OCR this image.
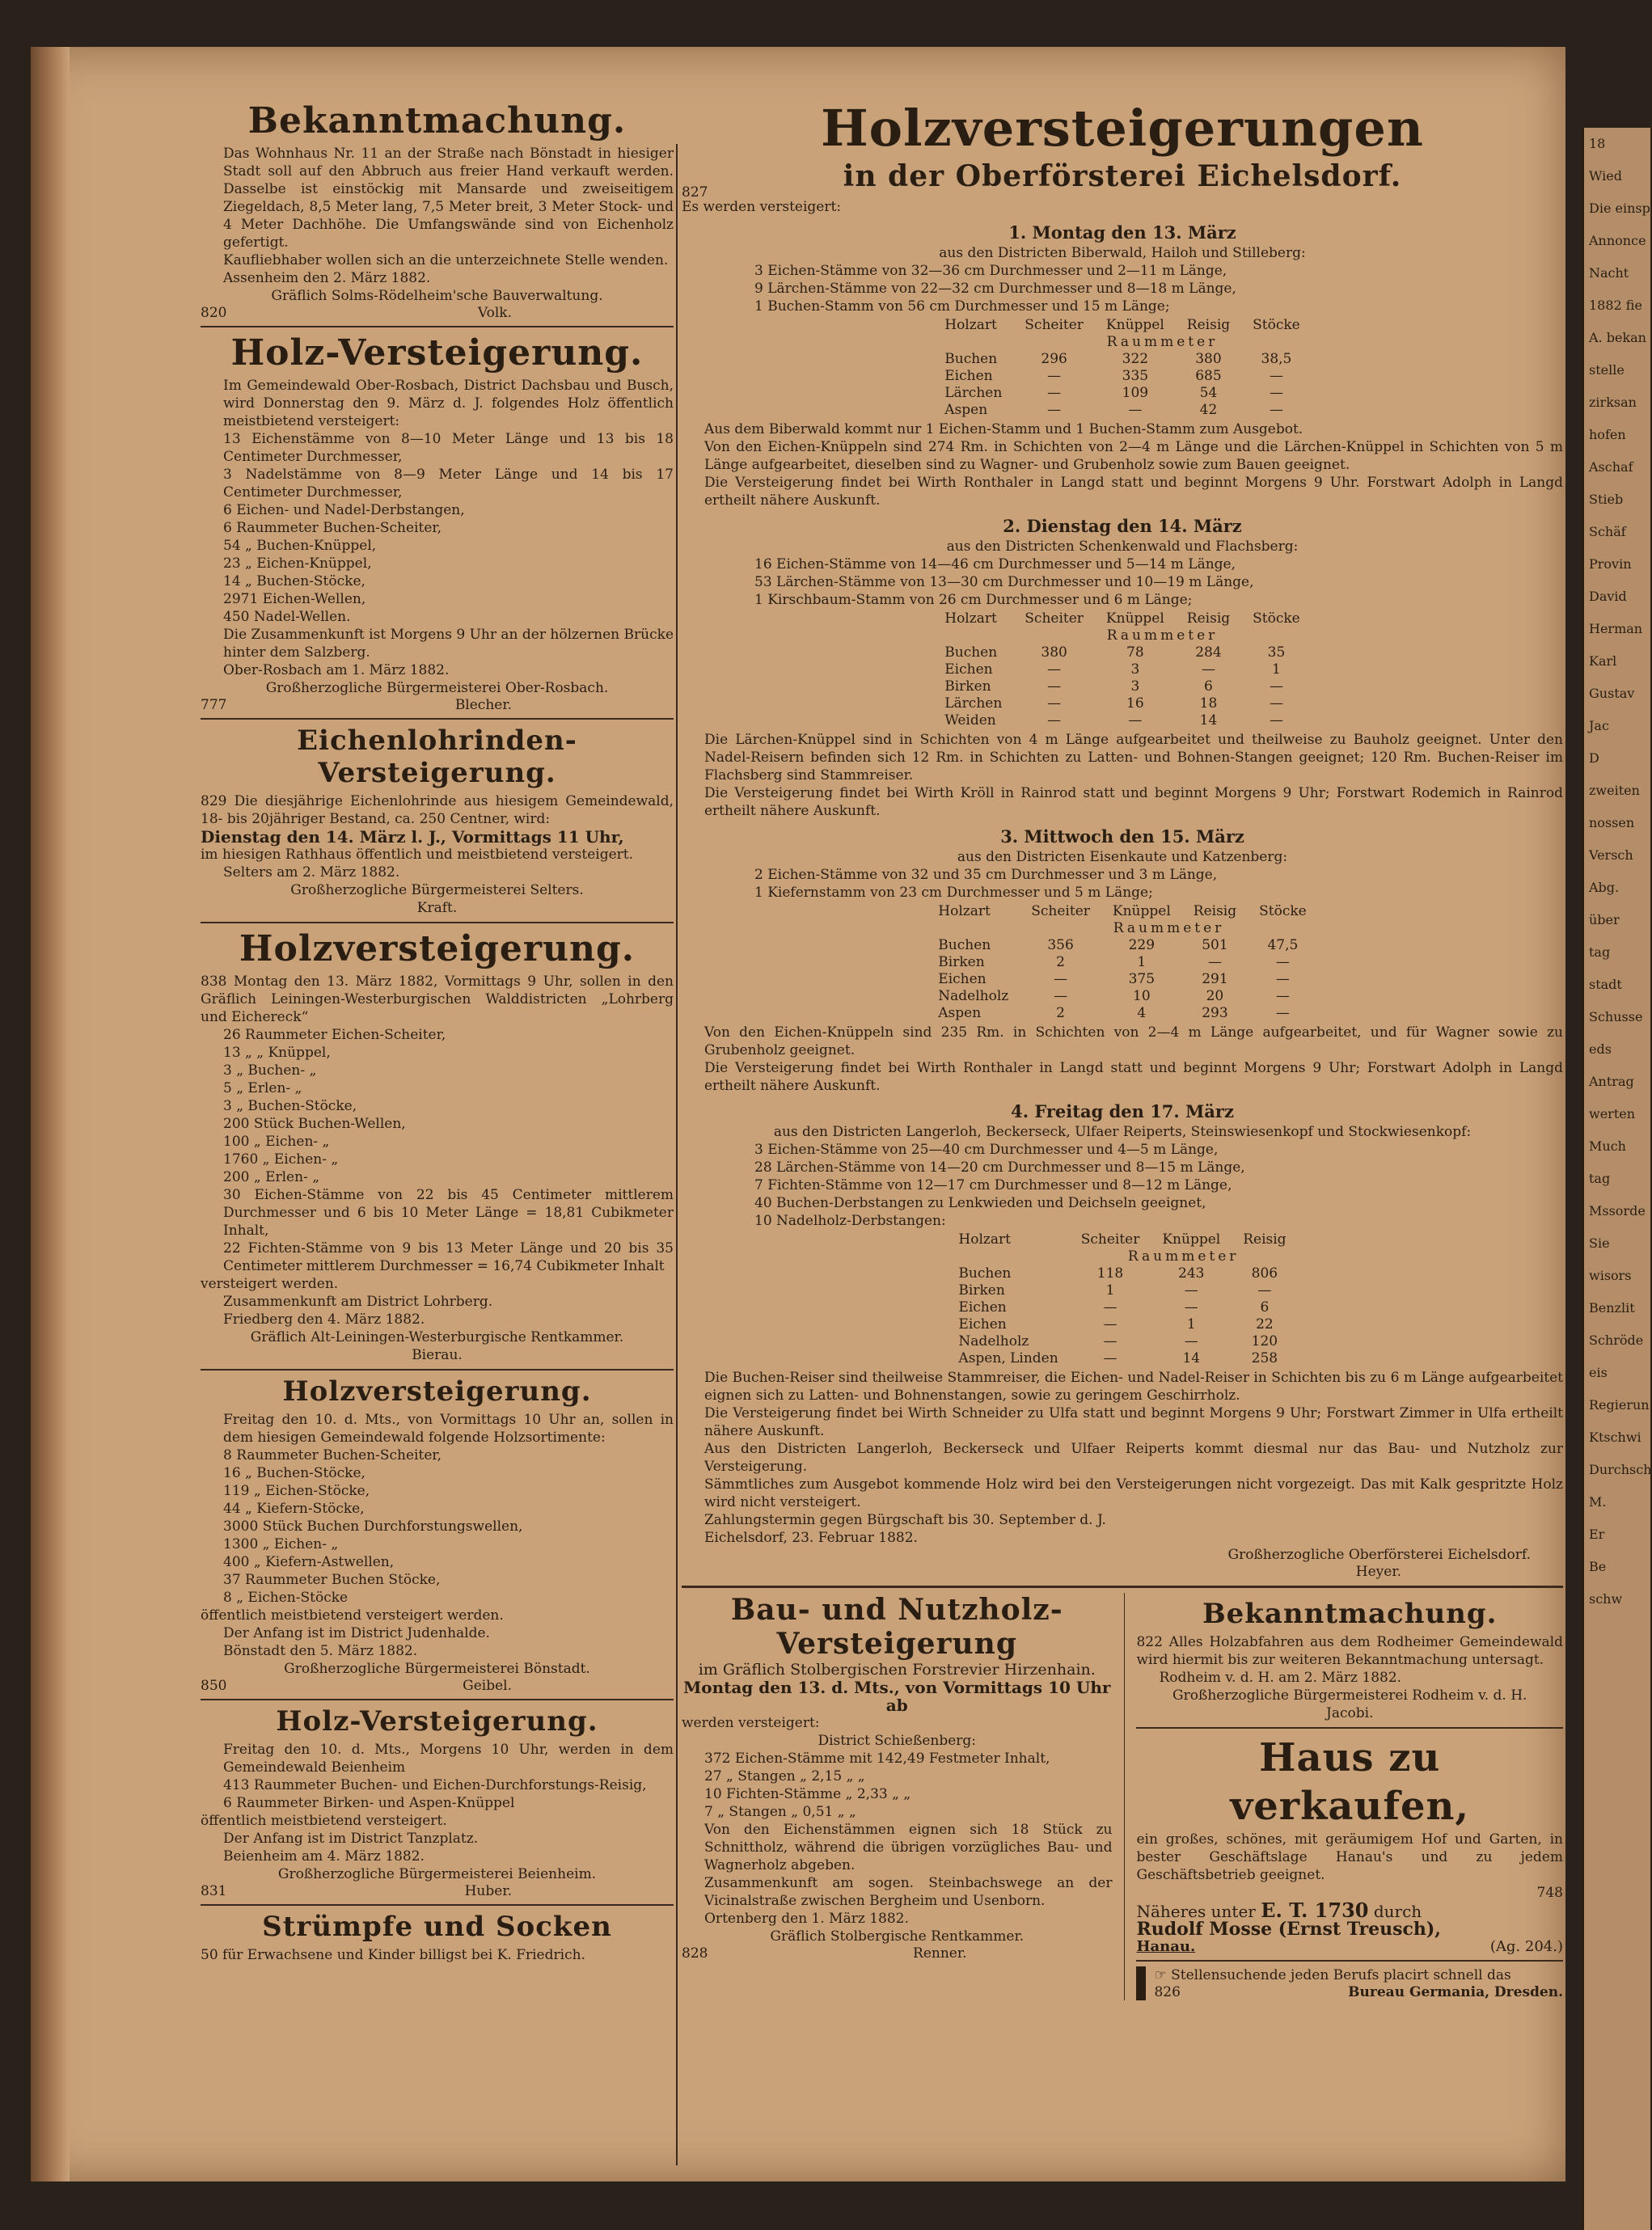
Bekanntmachung.

Das Wohnhaus Nr. 11 an der Straße nach Bönstadt in hiesiger Stadt soll auf den Abbruch aus freier Hand verkauft werden. Dasselbe ist einstöckig mit Mansarde und zweiseitigem Ziegeldach, 8,5 Meter lang, 7,5 Meter breit, 3 Meter Stock- und 4 Meter Dachhöhe. Die Umfangswände sind von Eichenholz gefertigt.

Kaufliebhaber wollen sich an die unterzeichnete Stelle wenden.

Assenheim den 2. März 1882.

Gräflich Solms-Rödelheim'sche Bauverwaltung.

820	Volk.
Holz-Versteigerung.

Im Gemeindewald Ober-Rosbach, District Dachsbau und Busch, wird Donnerstag den 9. März d. J. folgendes Holz öffentlich meistbietend versteigert:

13 Eichenstämme von 8—10 Meter Länge und 13 bis 18 Centimeter Durchmesser,

3 Nadelstämme von 8—9 Meter Länge und 14 bis 17 Centimeter Durchmesser,

6 Eichen- und Nadel-Derbstangen,

6 Raummeter Buchen-Scheiter,

54 „ Buchen-Knüppel,

23 „ Eichen-Knüppel,

14 „ Buchen-Stöcke,

2971 Eichen-Wellen,

450 Nadel-Wellen.

Die Zusammenkunft ist Morgens 9 Uhr an der hölzernen Brücke hinter dem Salzberg.

Ober-Rosbach am 1. März 1882.

Großherzogliche Bürgermeisterei Ober-Rosbach.

777	Blecher.
Eichenlohrinden-Versteigerung.

829 Die diesjährige Eichenlohrinde aus hiesigem Gemeindewald, 18- bis 20jähriger Bestand, ca. 250 Centner, wird:

Dienstag den 14. März l. J., Vormittags 11 Uhr,

im hiesigen Rathhaus öffentlich und meistbietend versteigert.

Selters am 2. März 1882.

Großherzogliche Bürgermeisterei Selters.

Kraft.

Holzversteigerung.

838 Montag den 13. März 1882, Vormittags 9 Uhr, sollen in den Gräflich Leiningen-Westerburgischen Walddistricten „Lohrberg und Eichereck“

26 Raummeter Eichen-Scheiter,

13 „ „ Knüppel,

3 „ Buchen- „

5 „ Erlen- „

3 „ Buchen-Stöcke,

200 Stück Buchen-Wellen,

100 „ Eichen- „

1760 „ Eichen- „

200 „ Erlen- „

30 Eichen-Stämme von 22 bis 45 Centimeter mittlerem Durchmesser und 6 bis 10 Meter Länge = 18,81 Cubikmeter Inhalt,

22 Fichten-Stämme von 9 bis 13 Meter Länge und 20 bis 35 Centimeter mittlerem Durchmesser = 16,74 Cubikmeter Inhalt

versteigert werden.

Zusammenkunft am District Lohrberg.

Friedberg den 4. März 1882.

Gräflich Alt-Leiningen-Westerburgische Rentkammer.

Bierau.

Holzversteigerung.

Freitag den 10. d. Mts., von Vormittags 10 Uhr an, sollen in dem hiesigen Gemeindewald folgende Holzsortimente:

8 Raummeter Buchen-Scheiter,

16 „ Buchen-Stöcke,

119 „ Eichen-Stöcke,

44 „ Kiefern-Stöcke,

3000 Stück Buchen Durchforstungswellen,

1300 „ Eichen- „

400 „ Kiefern-Astwellen,

37 Raummeter Buchen Stöcke,

8 „ Eichen-Stöcke

öffentlich meistbietend versteigert werden.

Der Anfang ist im District Judenhalde.

Bönstadt den 5. März 1882.

Großherzogliche Bürgermeisterei Bönstadt.

850	Geibel.
Holz-Versteigerung.

Freitag den 10. d. Mts., Morgens 10 Uhr, werden in dem Gemeindewald Beienheim

413 Raummeter Buchen- und Eichen-Durchforstungs-Reisig,

6 Raummeter Birken- und Aspen-Knüppel

öffentlich meistbietend versteigert.

Der Anfang ist im District Tanzplatz.

Beienheim am 4. März 1882.

Großherzogliche Bürgermeisterei Beienheim.

831	Huber.
Strümpfe und Socken

50 für Erwachsene und Kinder billigst bei K. Friedrich.

827
Holzversteigerungen
in der Oberförsterei Eichelsdorf.

Es werden versteigert:

1. Montag den 13. März

aus den Districten Biberwald, Hailoh und Stilleberg:

3 Eichen-Stämme von 32—36 cm Durchmesser und 2—11 m Länge,

9 Lärchen-Stämme von 22—32 cm Durchmesser und 8—18 m Länge,

1 Buchen-Stamm von 56 cm Durchmesser und 15 m Länge;

Holzart	Scheiter	Knüppel	Reisig	Stöcke
	Raummeter			
Buchen	296	322	380	38,5
Eichen	—	335	685	—
Lärchen	—	109	54	—
Aspen	—	—	42	—

Aus dem Biberwald kommt nur 1 Eichen-Stamm und 1 Buchen-Stamm zum Ausgebot.

Von den Eichen-Knüppeln sind 274 Rm. in Schichten von 2—4 m Länge und die Lärchen-Knüppel in Schichten von 5 m Länge aufgearbeitet, dieselben sind zu Wagner- und Grubenholz sowie zum Bauen geeignet.

Die Versteigerung findet bei Wirth Ronthaler in Langd statt und beginnt Morgens 9 Uhr. Forstwart Adolph in Langd ertheilt nähere Auskunft.

2. Dienstag den 14. März

aus den Districten Schenkenwald und Flachsberg:

16 Eichen-Stämme von 14—46 cm Durchmesser und 5—14 m Länge,

53 Lärchen-Stämme von 13—30 cm Durchmesser und 10—19 m Länge,

1 Kirschbaum-Stamm von 26 cm Durchmesser und 6 m Länge;

Holzart	Scheiter	Knüppel	Reisig	Stöcke
	Raummeter			
Buchen	380	78	284	35
Eichen	—	3	—	1
Birken	—	3	6	—
Lärchen	—	16	18	—
Weiden	—	—	14	—

Die Lärchen-Knüppel sind in Schichten von 4 m Länge aufgearbeitet und theilweise zu Bauholz geeignet. Unter den Nadel-Reisern befinden sich 12 Rm. in Schichten zu Latten- und Bohnen-Stangen geeignet; 120 Rm. Buchen-Reiser im Flachsberg sind Stammreiser.

Die Versteigerung findet bei Wirth Kröll in Rainrod statt und beginnt Morgens 9 Uhr; Forstwart Rodemich in Rainrod ertheilt nähere Auskunft.

3. Mittwoch den 15. März

aus den Districten Eisenkaute und Katzenberg:

2 Eichen-Stämme von 32 und 35 cm Durchmesser und 3 m Länge,

1 Kiefernstamm von 23 cm Durchmesser und 5 m Länge;

Holzart	Scheiter	Knüppel	Reisig	Stöcke
	Raummeter			
Buchen	356	229	501	47,5
Birken	2	1	—	—
Eichen	—	375	291	—
Nadelholz	—	10	20	—
Aspen	2	4	293	—

Von den Eichen-Knüppeln sind 235 Rm. in Schichten von 2—4 m Länge aufgearbeitet, und für Wagner sowie zu Grubenholz geeignet.

Die Versteigerung findet bei Wirth Ronthaler in Langd statt und beginnt Morgens 9 Uhr; Forstwart Adolph in Langd ertheilt nähere Auskunft.

4. Freitag den 17. März

aus den Districten Langerloh, Beckerseck, Ulfaer Reiperts, Steinswiesenkopf und Stockwiesenkopf:

3 Eichen-Stämme von 25—40 cm Durchmesser und 4—5 m Länge,

28 Lärchen-Stämme von 14—20 cm Durchmesser und 8—15 m Länge,

7 Fichten-Stämme von 12—17 cm Durchmesser und 8—12 m Länge,

40 Buchen-Derbstangen zu Lenkwieden und Deichseln geeignet,

10 Nadelholz-Derbstangen:

Holzart	Scheiter	Knüppel	Reisig
	Raummeter		
Buchen	118	243	806
Birken	1	—	—
Eichen	—	—	6
Eichen	—	1	22
Nadelholz	—	—	120
Aspen, Linden	—	14	258

Die Buchen-Reiser sind theilweise Stammreiser, die Eichen- und Nadel-Reiser in Schichten bis zu 6 m Länge aufgearbeitet eignen sich zu Latten- und Bohnenstangen, sowie zu geringem Geschirrholz.

Die Versteigerung findet bei Wirth Schneider zu Ulfa statt und beginnt Morgens 9 Uhr; Forstwart Zimmer in Ulfa ertheilt nähere Auskunft.

Aus den Districten Langerloh, Beckerseck und Ulfaer Reiperts kommt diesmal nur das Bau- und Nutzholz zur Versteigerung.

Sämmtliches zum Ausgebot kommende Holz wird bei den Versteigerungen nicht vorgezeigt. Das mit Kalk gespritzte Holz wird nicht versteigert.

Zahlungstermin gegen Bürgschaft bis 30. September d. J.

Eichelsdorf, 23. Februar 1882.

Großherzogliche Oberförsterei Eichelsdorf.

Heyer.

Bau- und Nutzholz-Versteigerung

im Gräflich Stolbergischen Forstrevier Hirzenhain.

Montag den 13. d. Mts., von Vormittags 10 Uhr ab

werden versteigert:

District Schießenberg:

372 Eichen-Stämme mit 142,49 Festmeter Inhalt,

27 „ Stangen „ 2,15 „ „

10 Fichten-Stämme „ 2,33 „ „

7 „ Stangen „ 0,51 „ „

Von den Eichenstämmen eignen sich 18 Stück zu Schnittholz, während die übrigen vorzügliches Bau- und Wagnerholz abgeben.

Zusammenkunft am sogen. Steinbachswege an der Vicinalstraße zwischen Bergheim und Usenborn.

Ortenberg den 1. März 1882.

Gräflich Stolbergische Rentkammer.

828	Renner.
Bekanntmachung.

822 Alles Holzabfahren aus dem Rodheimer Gemeindewald wird hiermit bis zur weiteren Bekanntmachung untersagt.

Rodheim v. d. H. am 2. März 1882.

Großherzogliche Bürgermeisterei Rodheim v. d. H.

Jacobi.

Haus zu verkaufen,

ein großes, schönes, mit geräumigem Hof und Garten, in bester Geschäftslage Hanau's und zu jedem Geschäftsbetrieb geeignet.

748

Näheres unter E. T. 1730 durch

Rudolf Mosse (Ernst Treusch),

Hanau.	(Ag. 204.)

☞ Stellensuchende jeden Berufs placirt schnell das

826	Bureau Germania, Dresden.

18

Wied

Die einsp

Annonce

Nacht

1882 fie

A. bekan

stelle

zirksan

hofen

Aschaf

Stieb

Schäf

Provin

David

Herman

Karl

Gustav

Jac

D

zweiten

nossen

Versch

Abg.

über

tag

stadt

Schusse

eds

Antrag

werten

Much

tag

Mssorde

Sie

wisors

Benzlit

Schröde

eis

Regierun

Ktschwi

Durchsch

M.

Er

Be

schw
